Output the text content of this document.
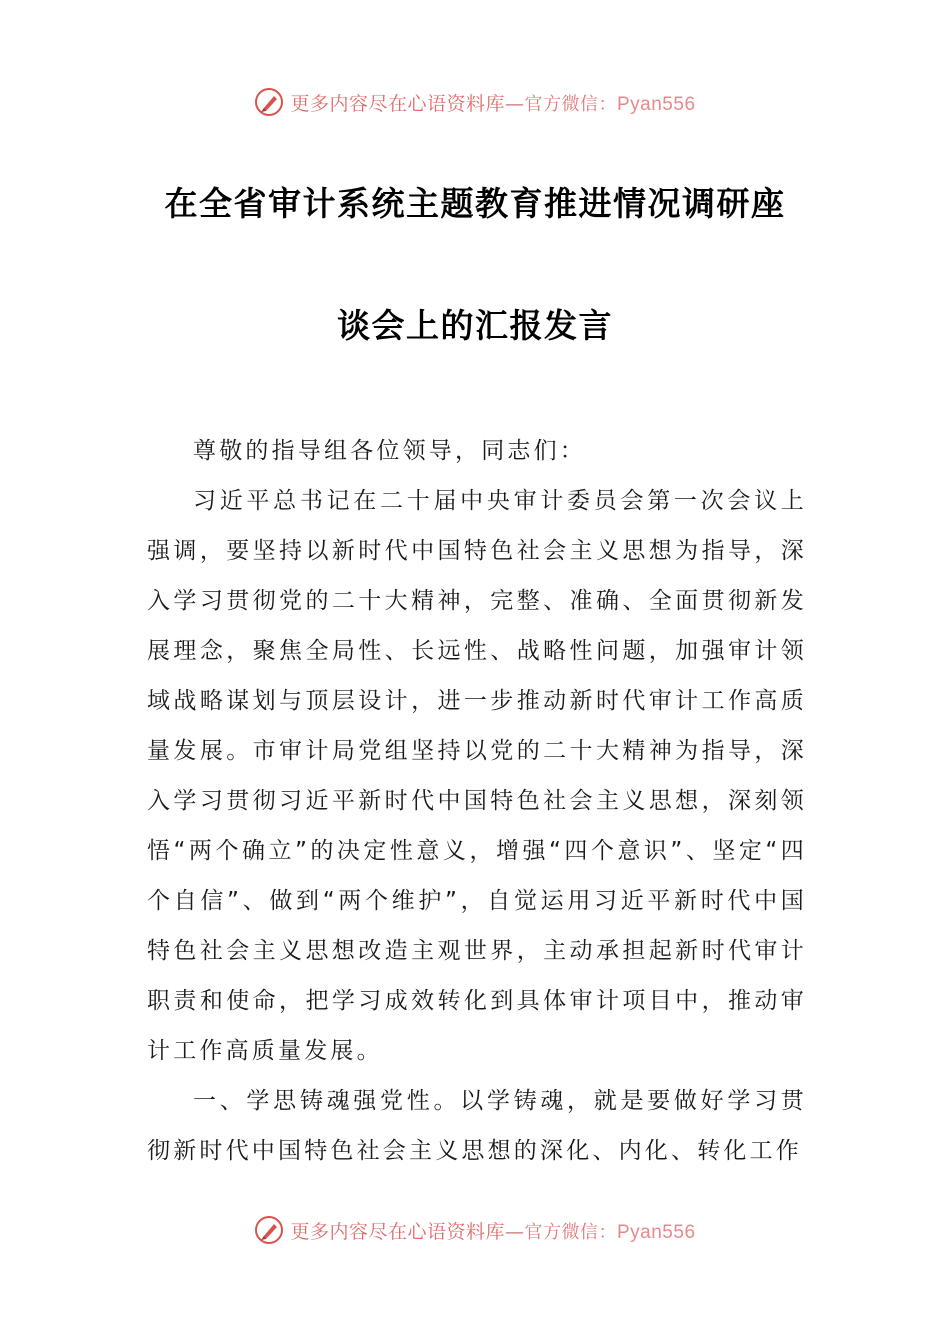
更多内容尽在心语资料库—官方微信：Pyan556
在全省审计系统主题教育推进情况调研座
谈会上的汇报发言

尊敬的指导组各位领导，同志们：

习近平总书记在二十届中央审计委员会第一次会议上强调，要坚持以新时代中国特色社会主义思想为指导，深入学习贯彻党的二十大精神，完整、准确、全面贯彻新发展理念，聚焦全局性、长远性、战略性问题，加强审计领域战略谋划与顶层设计，进一步推动新时代审计工作高质量发展。市审计局党组坚持以党的二十大精神为指导，深入学习贯彻习近平新时代中国特色社会主义思想，深刻领悟“两个确立”的决定性意义，增强“四个意识”、坚定“四个自信”、做到“两个维护”，自觉运用习近平新时代中国特色社会主义思想改造主观世界，主动承担起新时代审计职责和使命，把学习成效转化到具体审计项目中，推动审计工作高质量发展。

一、学思铸魂强党性。以学铸魂，就是要做好学习贯彻新时代中国特色社会主义思想的深化、内化、转化工作

更多内容尽在心语资料库—官方微信：Pyan556
